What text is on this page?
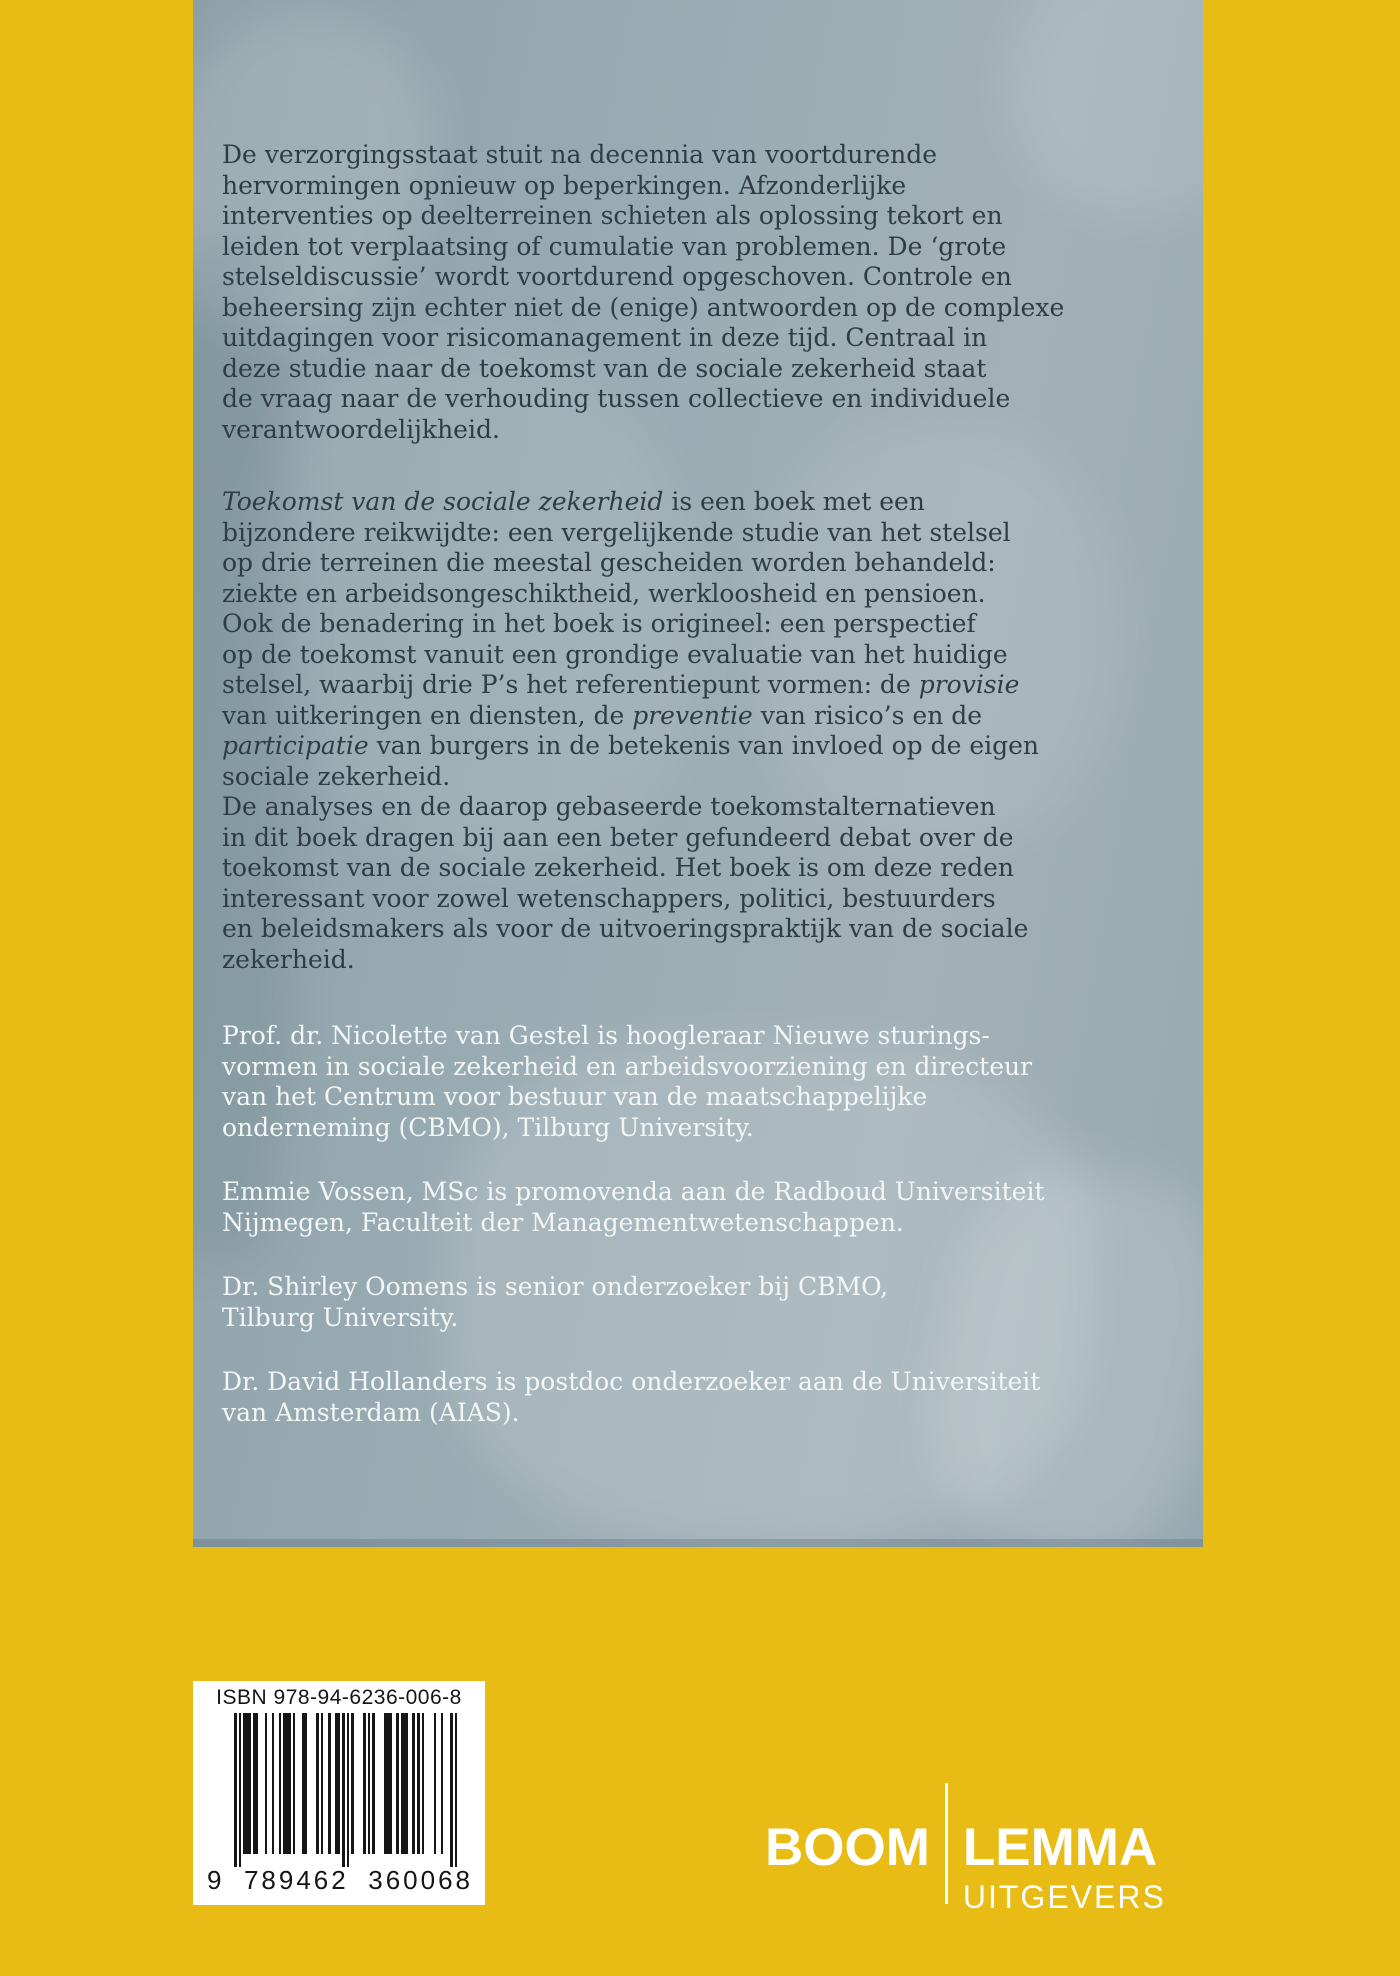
De verzorgingsstaat stuit na decennia van voortdurende
hervormingen opnieuw op beperkingen. Afzonderlijke
interventies op deelterreinen schieten als oplossing tekort en
leiden tot verplaatsing of cumulatie van problemen. De ‘grote
stelseldiscussie’ wordt voortdurend opgeschoven. Controle en
beheersing zijn echter niet de (enige) antwoorden op de complexe
uitdagingen voor risicomanagement in deze tijd. Centraal in
deze studie naar de toekomst van de sociale zekerheid staat
de vraag naar de verhouding tussen collectieve en individuele
verantwoordelijkheid.
Toekomst van de sociale zekerheid is een boek met een
bijzondere reikwijdte: een vergelijkende studie van het stelsel
op drie terreinen die meestal gescheiden worden behandeld:
ziekte en arbeidsongeschiktheid, werkloosheid en pensioen.
Ook de benadering in het boek is origineel: een perspectief
op de toekomst vanuit een grondige evaluatie van het huidige
stelsel, waarbij drie P’s het referentiepunt vormen: de provisie
van uitkeringen en diensten, de preventie van risico’s en de
participatie van burgers in de betekenis van invloed op de eigen
sociale zekerheid.
De analyses en de daarop gebaseerde toekomstalternatieven
in dit boek dragen bij aan een beter gefundeerd debat over de
toekomst van de sociale zekerheid. Het boek is om deze reden
interessant voor zowel wetenschappers, politici, bestuurders
en beleidsmakers als voor de uitvoeringspraktijk van de sociale
zekerheid.
Prof. dr. Nicolette van Gestel is hoogleraar Nieuwe sturings-
vormen in sociale zekerheid en arbeidsvoorziening en directeur
van het Centrum voor bestuur van de maatschappelijke
onderneming (CBMO), Tilburg University.
Emmie Vossen, MSc is promovenda aan de Radboud Universiteit
Nijmegen, Faculteit der Managementwetenschappen.
Dr. Shirley Oomens is senior onderzoeker bij CBMO,
Tilburg University.
Dr. David Hollanders is postdoc onderzoeker aan de Universiteit
van Amsterdam (AIAS).
ISBN 978-94-6236-006-8
9 789462 360068
BOOM LEMMA
UITGEVERS
